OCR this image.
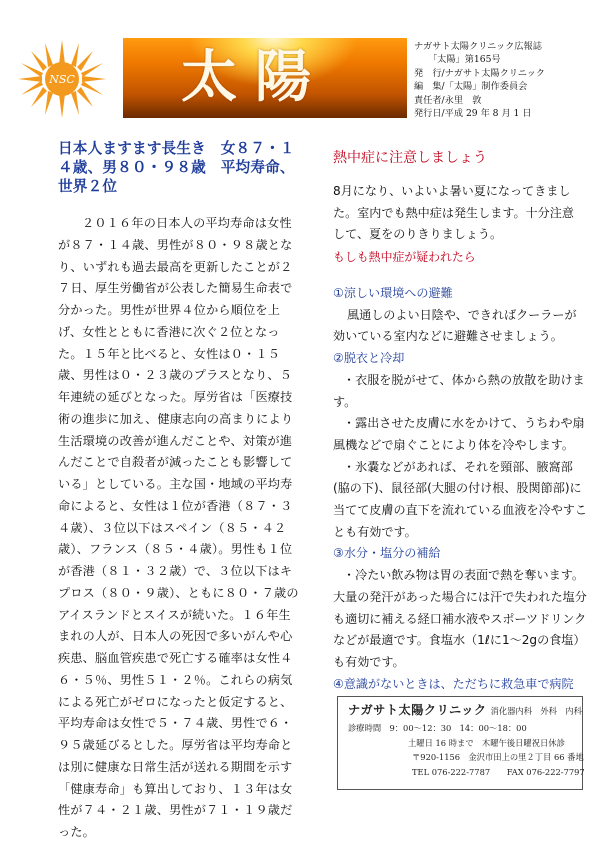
NSC 太陽	ナガサト太陽クリニック広報誌
「太陽」第165号
発　行/ナガサト太陽クリニック
編　集/「太陽」制作委員会
責任者/永里　敦
発行日/平成 29 年 8 月 1 日
日本人ますます長生き　女８７・１４歳、男８０・９８歳　平均寿命、世界２位
２０１６年の日本人の平均寿命は女性が８７・１４歳、男性が８０・９８歳となり、いずれも過去最高を更新したことが２７日、厚生労働省が公表した簡易生命表で分かった。男性が世界４位から順位を上げ、女性とともに香港に次ぐ２位となった。１５年と比べると、女性は０・１５歳、男性は０・２３歳のプラスとなり、５年連続の延びとなった。厚労省は「医療技術の進歩に加え、健康志向の高まりにより生活環境の改善が進んだことや、対策が進んだことで自殺者が減ったことも影響している」としている。主な国・地域の平均寿命によると、女性は１位が香港（８７・３４歳）、３位以下はスペイン（８５・４２歳）、フランス（８５・４歳）。男性も１位が香港（８１・３２歳）で、３位以下はキプロス（８０・９歳）、ともに８０・７歳のアイスランドとスイスが続いた。１６年生まれの人が、日本人の死因で多いがんや心疾患、脳血管疾患で死亡する確率は女性４６・５％、男性５１・２％。これらの病気による死亡がゼロになったと仮定すると、平均寿命は女性で５・７４歳、男性で６・９５歳延びるとした。厚労省は平均寿命とは別に健康な日常生活が送れる期間を示す「健康寿命」も算出しており、１３年は女性が７４・２１歳、男性が７１・１９歳だった。
熱中症に注意しましょう
8月になり、いよいよ暑い夏になってきました。室内でも熱中症は発生します。十分注意して、夏をのりきりましょう。
もしも熱中症が疑われたら

①涼しい環境への避難

風通しのよい日陰や、できればクーラーが効いている室内などに避難させましょう。

②脱衣と冷却

・衣服を脱がせて、体から熱の放散を助けます。

・露出させた皮膚に水をかけて、うちわや扇風機などで扇ぐことにより体を冷やします。

・氷嚢などがあれば、それを頸部、腋窩部(脇の下)、鼠径部(大腿の付け根、股関節部)に当てて皮膚の直下を流れている血液を冷やすことも有効です。

③水分・塩分の補給

・冷たい飲み物は胃の表面で熱を奪います。大量の発汗があった場合には汗で失われた塩分も適切に補える経口補水液やスポーツドリンクなどが最適です。食塩水（1ℓに1～2gの食塩）も有効です。

④意識がないときは、ただちに救急車で病院

ナガサト太陽クリニック 消化器内科　外科　内科
診療時間　9：00～12：30　14：00～18：00
土曜日 16 時まで　木曜午後日曜祝日休診
〒920-1156　金沢市田上の里２丁目 66 番地
TEL 076-222-7787　　FAX 076-222-7797
